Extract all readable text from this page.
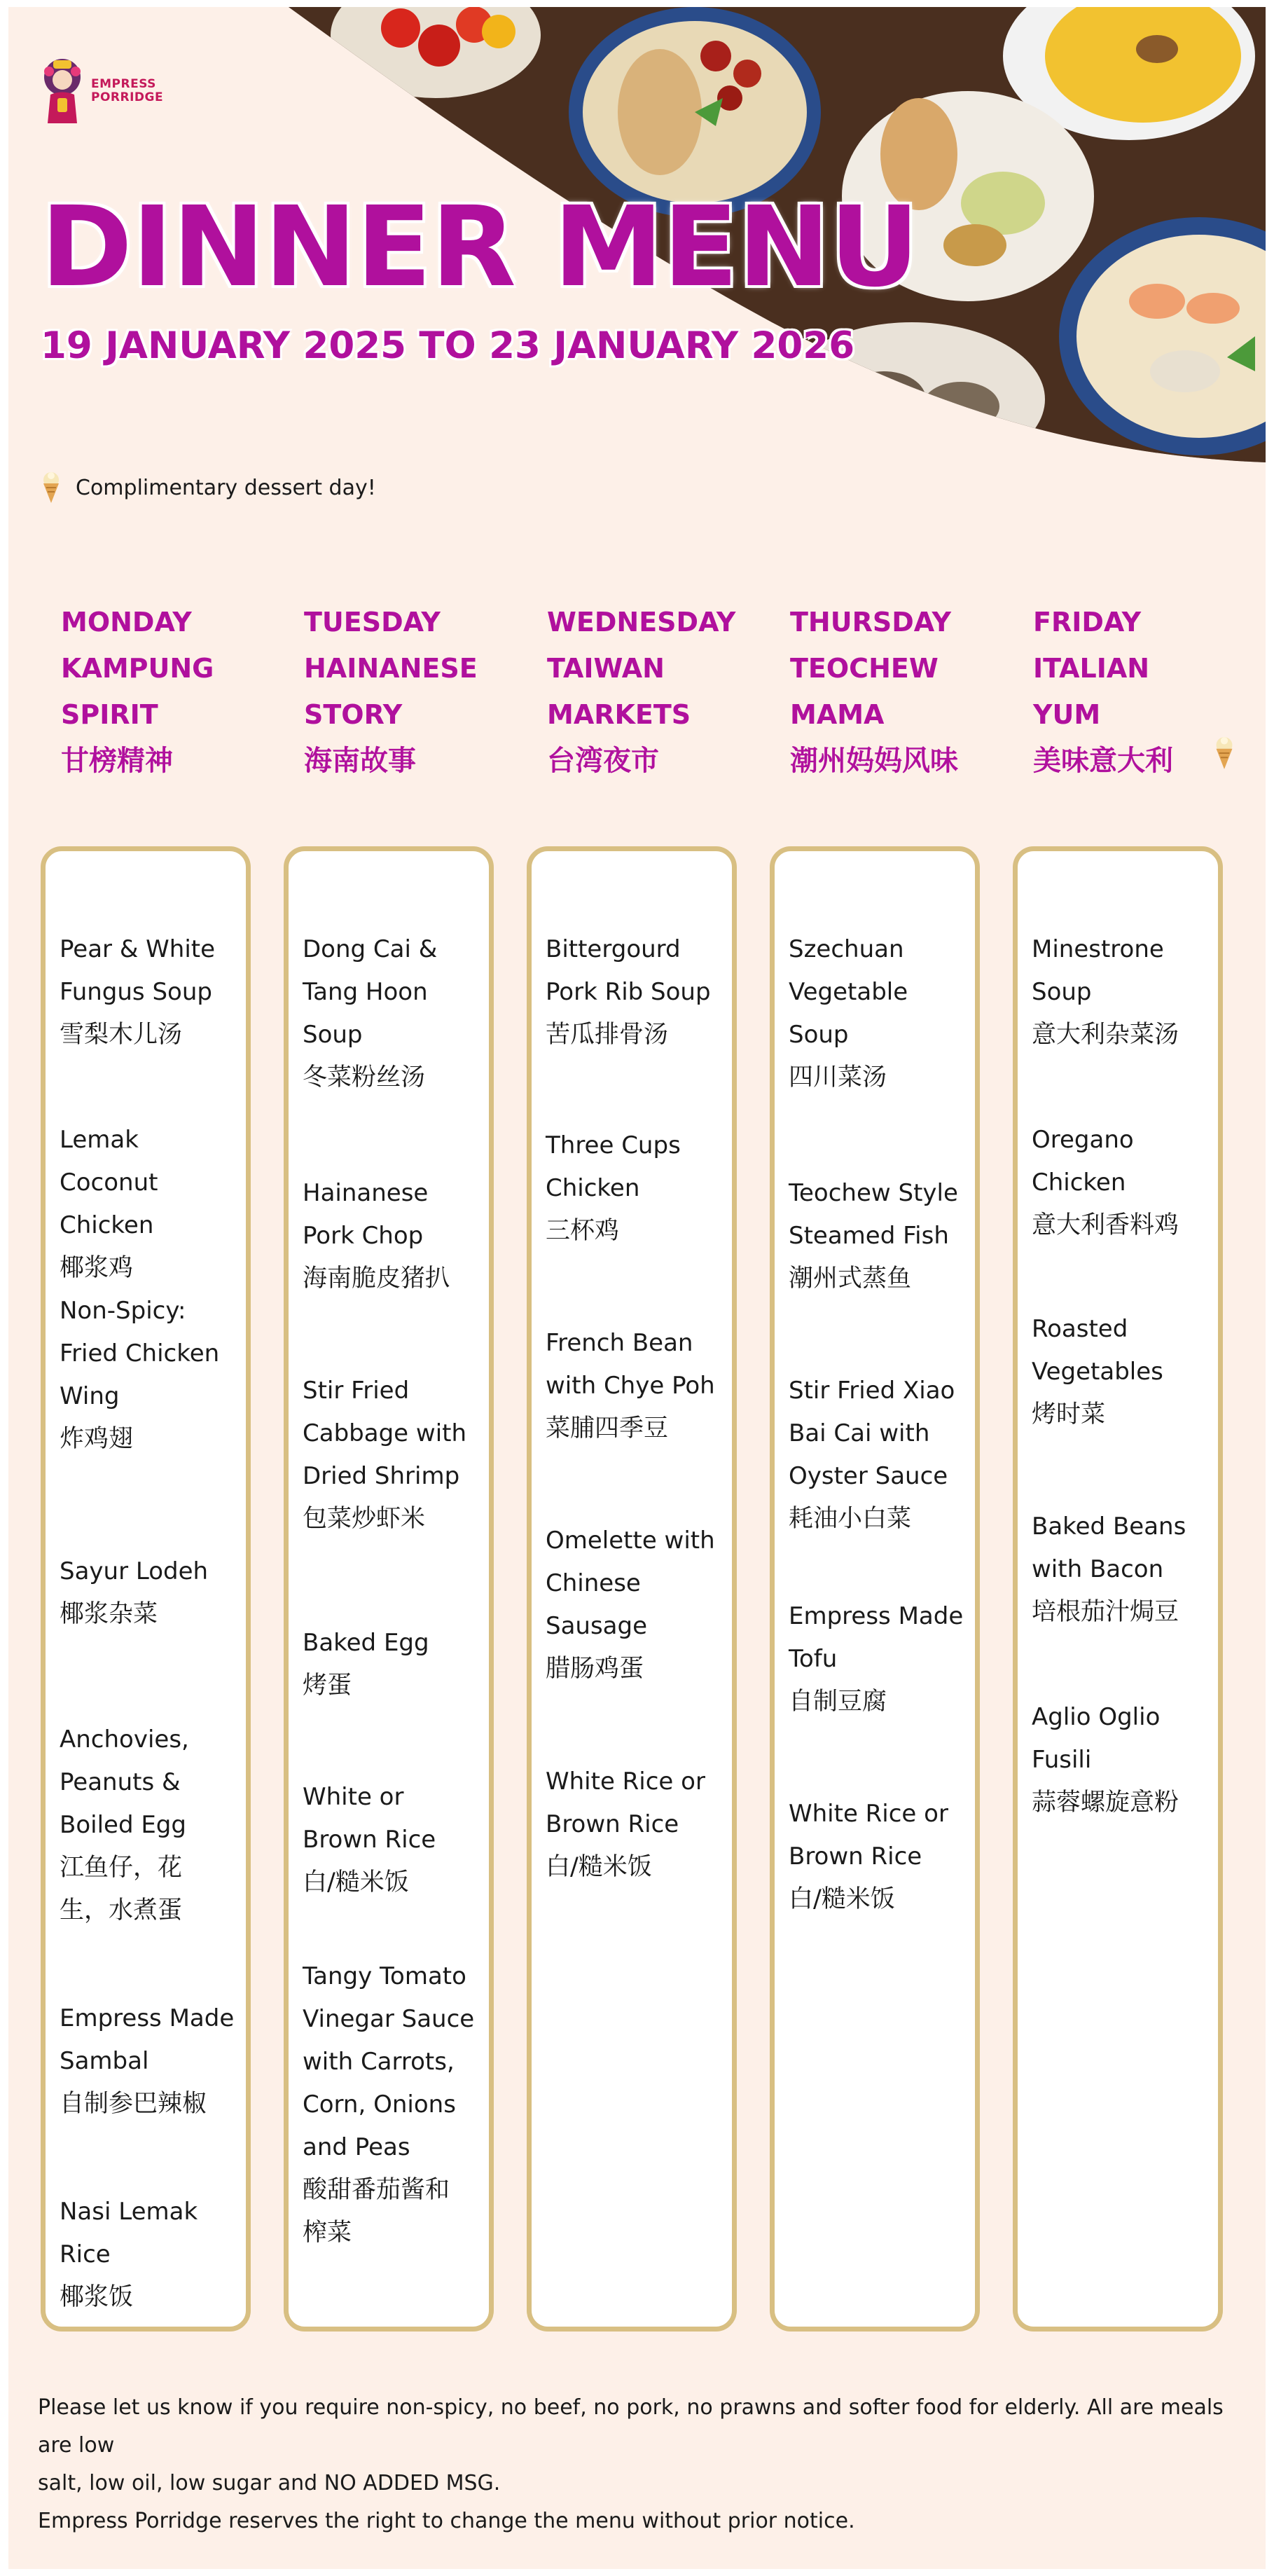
EMPRESS
PORRIDGE
DINNER MENU
19 JANUARY 2025 TO 23 JANUARY 2026
Complimentary dessert day!
MONDAY
KAMPUNG
SPIRIT
甘榜精神
TUESDAY
HAINANESE
STORY
海南故事
WEDNESDAY
TAIWAN
MARKETS
台湾夜市
THURSDAY
TEOCHEW
MAMA
潮州妈妈风味
FRIDAY
ITALIAN
YUM
美味意大利
Pear & White
Fungus Soup
雪梨木儿汤
Lemak
Coconut
Chicken
椰浆鸡
Non-Spicy:
Fried Chicken
Wing
炸鸡翅
Sayur Lodeh
椰浆杂菜
Anchovies,
Peanuts &
Boiled Egg
江鱼仔，花
生，水煮蛋
Empress Made
Sambal
自制参巴辣椒
Nasi Lemak
Rice
椰浆饭
Dong Cai &
Tang Hoon
Soup
冬菜粉丝汤
Hainanese
Pork Chop
海南脆皮猪扒
Stir Fried
Cabbage with
Dried Shrimp
包菜炒虾米
Baked Egg
烤蛋
White or
Brown Rice
白/糙米饭
Tangy Tomato
Vinegar Sauce
with Carrots,
Corn, Onions
and Peas
酸甜番茄酱和
榨菜
Bittergourd
Pork Rib Soup
苦瓜排骨汤
Three Cups
Chicken
三杯鸡
French Bean
with Chye Poh
菜脯四季豆
Omelette with
Chinese
Sausage
腊肠鸡蛋
White Rice or
Brown Rice
白/糙米饭
Szechuan
Vegetable
Soup
四川菜汤
Teochew Style
Steamed Fish
潮州式蒸鱼
Stir Fried Xiao
Bai Cai with
Oyster Sauce
耗油小白菜
Empress Made
Tofu
自制豆腐
White Rice or
Brown Rice
白/糙米饭
Minestrone
Soup
意大利杂菜汤
Oregano
Chicken
意大利香料鸡
Roasted
Vegetables
烤时菜
Baked Beans
with Bacon
培根茄汁焗豆
Aglio Oglio
Fusili
蒜蓉螺旋意粉

Please let us know if you require non-spicy, no beef, no pork, no prawns and softer food for elderly. All are meals are low

salt, low oil, low sugar and NO ADDED MSG.

Empress Porridge reserves the right to change the menu without prior notice.
